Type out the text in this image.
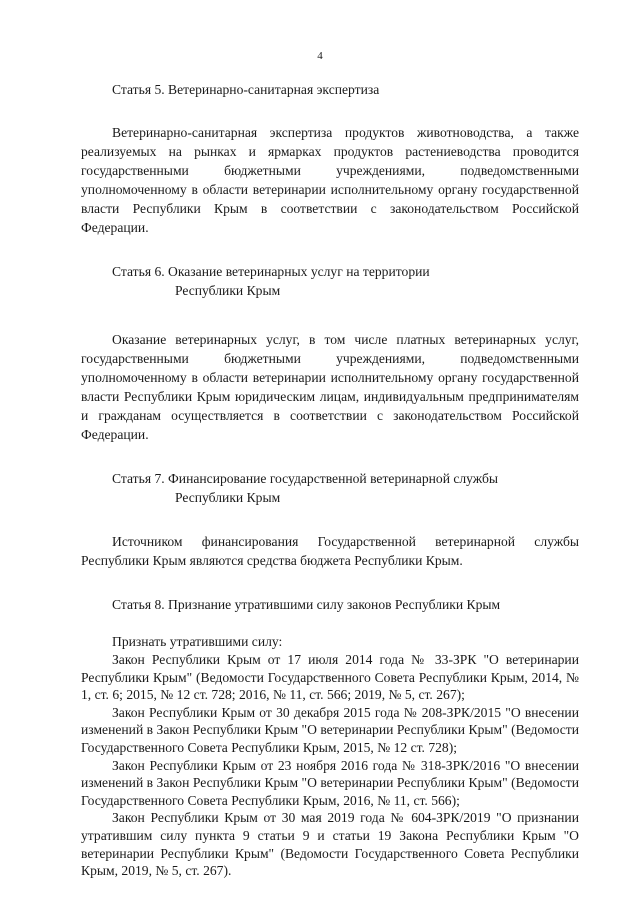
4
Статья 5. Ветеринарно-санитарная экспертиза

Ветеринарно-санитарная экспертиза продуктов животноводства, а также реализуемых на рынках и ярмарках продуктов растениеводства проводится государственными бюджетными учреждениями, подведомственными уполномоченному в области ветеринарии исполнительному органу государственной власти Республики Крым в соответствии с законодательством Российской Федерации.

Статья 6. Оказание ветеринарных услуг на территории
Республики Крым

Оказание ветеринарных услуг, в том числе платных ветеринарных услуг, государственными бюджетными учреждениями, подведомственными уполномоченному в области ветеринарии исполнительному органу государственной власти Республики Крым юридическим лицам, индивидуальным предпринимателям и гражданам осуществляется в соответствии с законодательством Российской Федерации.

Статья 7. Финансирование государственной ветеринарной службы
Республики Крым

Источником финансирования Государственной ветеринарной службы Республики Крым являются средства бюджета Республики Крым.

Статья 8. Признание утратившими силу законов Республики Крым

Признать утратившими силу:

Закон Республики Крым от 17 июля 2014 года № 33-ЗРК "О ветеринарии Республики Крым" (Ведомости Государственного Совета Республики Крым, 2014, № 1, ст. 6; 2015, № 12 ст. 728; 2016, № 11, ст. 566; 2019, № 5, ст. 267);

Закон Республики Крым от 30 декабря 2015 года № 208-ЗРК/2015 "О внесении изменений в Закон Республики Крым "О ветеринарии Республики Крым" (Ведомости Государственного Совета Республики Крым, 2015, № 12 ст. 728);

Закон Республики Крым от 23 ноября 2016 года № 318-ЗРК/2016 "О внесении изменений в Закон Республики Крым "О ветеринарии Республики Крым" (Ведомости Государственного Совета Республики Крым, 2016, № 11, ст. 566);

Закон Республики Крым от 30 мая 2019 года № 604-ЗРК/2019 "О признании утратившим силу пункта 9 статьи 9 и статьи 19 Закона Республики Крым "О ветеринарии Республики Крым" (Ведомости Государственного Совета Республики Крым, 2019, № 5, ст. 267).
